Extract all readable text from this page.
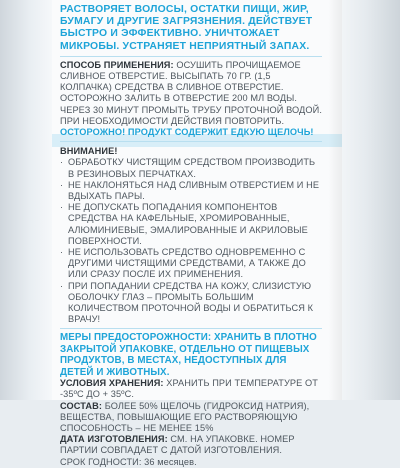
РАСТВОРЯЕТ ВОЛОСЫ, ОСТАТКИ ПИЩИ, ЖИР, БУМАГУ И ДРУГИЕ ЗАГРЯЗНЕНИЯ. ДЕЙСТВУЕТ БЫСТРО И ЭФФЕКТИВНО. УНИЧТОЖАЕТ МИКРОБЫ. УСТРАНЯЕТ НЕПРИЯТНЫЙ ЗАПАХ.
СПОСОБ ПРИМЕНЕНИЯ: ОСУШИТЬ ПРОЧИЩАЕМОЕ СЛИВНОЕ ОТВЕРСТИЕ. ВЫСЫПАТЬ 70 ГР. (1,5 КОЛПАЧКА) СРЕДСТВА В СЛИВНОЕ ОТВЕРСТИЕ. ОСТОРОЖНО ЗАЛИТЬ В ОТВЕРСТИЕ 200 МЛ ВОДЫ. ЧЕРЕЗ 30 МИНУТ ПРОМЫТЬ ТРУБУ ПРОТОЧНОЙ ВОДОЙ. ПРИ НЕОБХОДИМОСТИ ДЕЙСТВИЯ ПОВТОРИТЬ.
ОСТОРОЖНО! ПРОДУКТ СОДЕРЖИТ ЕДКУЮ ЩЕЛОЧЬ!
ВНИМАНИЕ!
· ОБРАБОТКУ ЧИСТЯЩИМ СРЕДСТВОМ ПРОИЗВОДИТЬ В РЕЗИНОВЫХ ПЕРЧАТКАХ.
· НЕ НАКЛОНЯТЬСЯ НАД СЛИВНЫМ ОТВЕРСТИЕМ И НЕ ВДЫХАТЬ ПАРЫ.
· НЕ ДОПУСКАТЬ ПОПАДАНИЯ КОМПОНЕНТОВ СРЕДСТВА НА КАФЕЛЬНЫЕ, ХРОМИРОВАННЫЕ, АЛЮМИНИЕВЫЕ, ЭМАЛИРОВАННЫЕ И АКРИЛОВЫЕ ПОВЕРХНОСТИ.
· НЕ ИСПОЛЬЗОВАТЬ СРЕДСТВО ОДНОВРЕМЕННО С ДРУГИМИ ЧИСТЯЩИМИ СРЕДСТВАМИ, А ТАКЖЕ ДО ИЛИ СРАЗУ ПОСЛЕ ИХ ПРИМЕНЕНИЯ.
· ПРИ ПОПАДАНИИ СРЕДСТВА НА КОЖУ, СЛИЗИСТУЮ ОБОЛОЧКУ ГЛАЗ – ПРОМЫТЬ БОЛЬШИМ КОЛИЧЕСТВОМ ПРОТОЧНОЙ ВОДЫ И ОБРАТИТЬСЯ К ВРАЧУ!
МЕРЫ ПРЕДОСТОРОЖНОСТИ: ХРАНИТЬ В ПЛОТНО ЗАКРЫТОЙ УПАКОВКЕ, ОТДЕЛЬНО ОТ ПИЩЕВЫХ ПРОДУКТОВ, В МЕСТАХ, НЕДОСТУПНЫХ ДЛЯ ДЕТЕЙ И ЖИВОТНЫХ.
УСЛОВИЯ ХРАНЕНИЯ: ХРАНИТЬ ПРИ ТЕМПЕРАТУРЕ ОТ -35ºС ДО + 35ºС.
СОСТАВ: БОЛЕЕ 50% ЩЕЛОЧЬ (ГИДРОКСИД НАТРИЯ), ВЕЩЕСТВА, ПОВЫШАЮЩИЕ ЕГО РАСТВОРЯЮЩУЮ СПОСОБНОСТЬ – НЕ МЕНЕЕ 15%
ДАТА ИЗГОТОВЛЕНИЯ: СМ. НА УПАКОВКЕ. НОМЕР ПАРТИИ СОВПАДАЕТ С ДАТОЙ ИЗГОТОВЛЕНИЯ.
СРОК ГОДНОСТИ: 36 месяцев.
